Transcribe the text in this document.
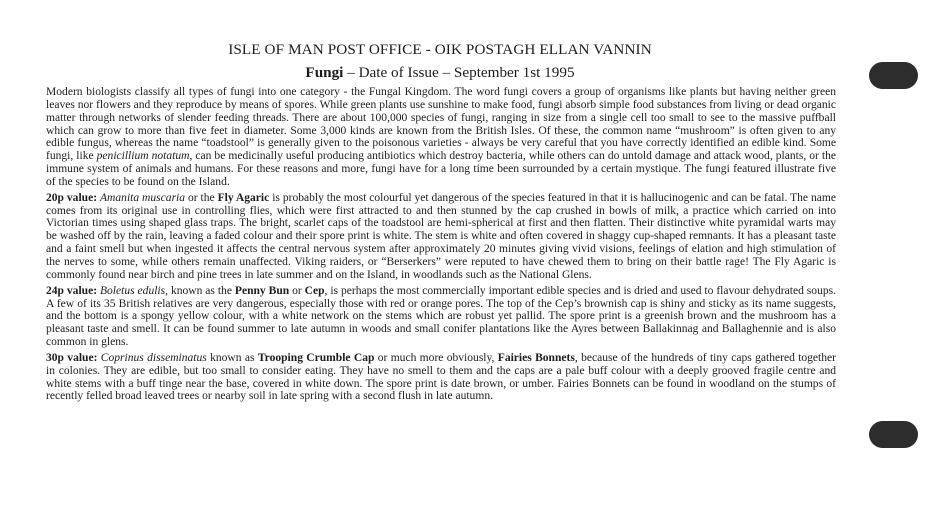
ISLE OF MAN POST OFFICE - OIK POSTAGH ELLAN VANNIN
Fungi – Date of Issue – September 1st 1995

Modern biologists classify all types of fungi into one category - the Fungal Kingdom. The word fungi covers a group of organisms like plants but having neither green leaves nor flowers and they reproduce by means of spores. While green plants use sunshine to make food, fungi absorb simple food substances from living or dead organic matter through networks of slender feeding threads. There are about 100,000 species of fungi, ranging in size from a single cell too small to see to the massive puffball which can grow to more than five feet in diameter. Some 3,000 kinds are known from the British Isles. Of these, the common name “mushroom” is often given to any edible fungus, whereas the name “toadstool” is generally given to the poisonous varieties - always be very careful that you have correctly identified an edible kind. Some fungi, like penicillium notatum, can be medicinally useful producing antibiotics which destroy bacteria, while others can do untold damage and attack wood, plants, or the immune system of animals and humans. For these reasons and more, fungi have for a long time been surrounded by a certain mystique. The fungi featured illustrate five of the species to be found on the Island.

20p value: Amanita muscaria or the Fly Agaric is probably the most colourful yet dangerous of the species featured in that it is hallucinogenic and can be fatal. The name comes from its original use in controlling flies, which were first attracted to and then stunned by the cap crushed in bowls of milk, a practice which carried on into Victorian times using shaped glass traps. The bright, scarlet caps of the toadstool are hemi-spherical at first and then flatten. Their distinctive white pyramidal warts may be washed off by the rain, leaving a faded colour and their spore print is white. The stem is white and often covered in shaggy cup-shaped remnants. It has a pleasant taste and a faint smell but when ingested it affects the central nervous system after approximately 20 minutes giving vivid visions, feelings of elation and high stimulation of the nerves to some, while others remain unaffected. Viking raiders, or “Berserkers” were reputed to have chewed them to bring on their battle rage! The Fly Agaric is commonly found near birch and pine trees in late summer and on the Island, in woodlands such as the National Glens.

24p value: Boletus edulis, known as the Penny Bun or Cep, is perhaps the most commercially important edible species and is dried and used to flavour dehydrated soups. A few of its 35 British relatives are very dangerous, especially those with red or orange pores. The top of the Cep’s brownish cap is shiny and sticky as its name suggests, and the bottom is a spongy yellow colour, with a white network on the stems which are robust yet pallid. The spore print is a greenish brown and the mushroom has a pleasant taste and smell. It can be found summer to late autumn in woods and small conifer plantations like the Ayres between Ballakinnag and Ballaghennie and is also common in glens.

30p value: Coprinus disseminatus known as Trooping Crumble Cap or much more obviously, Fairies Bonnets, because of the hundreds of tiny caps gathered together in colonies. They are edible, but too small to consider eating. They have no smell to them and the caps are a pale buff colour with a deeply grooved fragile centre and white stems with a buff tinge near the base, covered in white down. The spore print is date brown, or umber. Fairies Bonnets can be found in woodland on the stumps of recently felled broad leaved trees or nearby soil in late spring with a second flush in late autumn.
